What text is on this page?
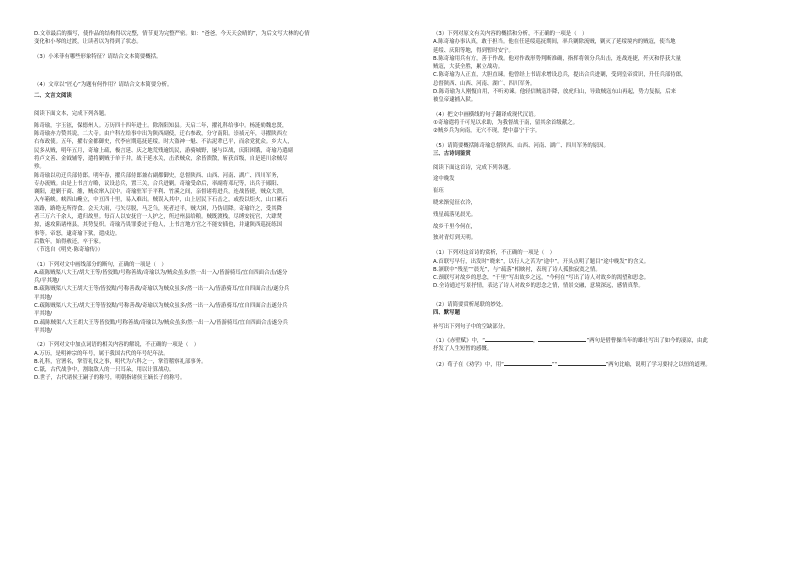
D.文章最后的描写，使作品的结构得以完整，情节更为完整严密。如：“爸爸，今天天会晴的”，为后文写大林的心情

变化和小琴的过渡，让读者以为得到了状态。

（3）小米菲有哪些形象特征？请结合文本简要概括。

（4）文章以“匠心”为题有何作用？请结合文本简要分析。

二、文言文阅读

阅读下面文本，完成下列各题。

陈奇瑜，字玉铉，保德州人。万历四十四年进士。除洛阳知县。天启二年，擢礼科给事中。杨涟劾魏忠贤，

陈奇瑜亦力赞其说，二大寺。由户科左给事中出为陕西副使，迁右参政，分守南阳。崇祯元年，寻擢陕西左

右布政使。五年，擢右金都御史，代李应期巡抚延绥。时大盗神一魁、不沾泥辈已平，而余党犹众。乡大人，

民多从贼，明年五月，奇瑜上疏，极言延、庆之地荒残逾饥民，游骑城野，屡与臣战，庆阳困饿，奇瑜乃遣副

将卢文善、金钺辅等，遣将剿贼于单于井，战于延水关，击杀贼众，余皆溃散，斩获首级，自是延川余贼尽

殄。

陈奇瑜以功迁兵部侍郎。明年春，擢兵部侍郎兼右副都御史，总督陕西、山西、河南、湖广、四川军务，

专办流贼。由是上书言方略，议设总兵，置三关，合兵进剿。奇瑜受命后，率副将邓玘等，出兵于郧阳、

襄阳，进剿于商、雒，贼众窜入汉中。奇瑜驻军于平利、竹溪之间，亲督诸将进兵，连战皆捷，贼众大溃，

入车箱峡。峡四山巉立，中亘四十里，易入难出。贼误入其中，山上居民下石击之，或投以炬火，山口累石

塞路，路绝无所得食。会天大雨，弓矢尽脱，马乏刍，死者过半，贼大困，乃伪请降。奇瑜许之，受其降

者三万六千余人，遣归故里。每百人以安抚官一人护之，所过州县给粮。贼既渡栈，尽缚安抚官，大肆焚

掠，遂攻陷诸州县，其势复炽。奇瑜乃畏罪委过于他人，上书言地方官之不能安插也，并逮陕西巡抚练国

事等。帝怒，逮奇瑜下狱，遣戍边。

后数年，始得赦还，卒于家。

（节选自《明史·陈奇瑜传》）

（1）下列对文中画线部分的断句，正确的一项是（　）

A.疏陈贼渠八大王/胡大王等/皆狡黠/号称善战/奇瑜以为/贼众虽多/然一出一入/皆游骑耳/宜自四面合击/遂分

兵/平其地/

B.疏陈贼渠八大王胡大王等/皆狡黠/号称善战/奇瑜以为贼众虽多/然一出一入/皆游骑耳/宜自四面合击/遂分兵

平其地/

C.疏陈贼渠八大王/胡大王等皆狡黠/号称善战/奇瑜以为贼众虽多/然一出一入/皆游骑耳/宜自四面合击遂分兵

平其地/

D.疏陈贼渠八大王胡大王等皆狡黠/号称善战/奇瑜以为/贼众虽多/然一出一入/皆游骑耳/宜自四面合击遂分兵

平其地/

（2）下列对文中加点词语的相关内容的解说，不正确的一项是（　）

A.万历，是明神宗的年号，属于我国古代的年号纪年法。

B.礼科，官署名，掌管礼仪之事，明代为六科之一，掌管稽察礼部事务。

C.舐，古代战争中，割取敌人的一只耳朵，用以计算战功。

D.世子，古代诸侯王嗣子的称号，明朝指诸侯王嫡长子的称号。

（3）下列对原文有关内容的概括和分析，不正确的一项是（　）

A.陈奇瑜办事认真，敢于担当。他在任延绥巡抚期间，率兵剿除流贼，剿灭了延绥境内的贼寇，使当地

延绥、庆阳等地，得到暂时安宁。

B.陈奇瑜用兵有方，善于作战。他对作战形势判断准确，指挥将领分兵出击，连战连捷，歼灭和俘获大量

贼寇，大获全胜，累立战功。

C.陈奇瑜为人正直，大胆直谏。他曾经上书请求增设总兵，提出合兵进剿，受到皇帝赏识，升任兵部侍郎，

总督陕西、山西、河南、湖广、四川军务。

D.陈奇瑜为人刚愎自用，不听劝谏。他轻信贼寇诈降，放虎归山，导致贼寇东山再起，势力复振，后来

被皇帝逮捕入狱。

（4）把文中画横线的句子翻译成现代汉语。

①奇瑜遣将千可见以求助，为我督战于南，留其余首级献之。

②贼乡兵为向南，无穴不现，楚中嘉宁于字。

（5）请简要概括陈奇瑜总督陕西、山西、河南、湖广、四川军务的原因。

三、古诗词鉴赏

阅读下面这首诗，完成下列各题。

途中晚发

崔珏

晓来渐觉征衣冷，

残星疏落见晨光。

故乡千里今何在，

独对青灯到天明。

（1）下列对这首诗的赏析，不正确的一项是（　）

A.首联写早行，出发时“晓来”，以行人之苦为“途中”。开头点明了题目“途中晚发”的含义。

B.颔联中“残星”“晨光”，与“疏落”相映衬，表现了诗人孤独寂寞之情。

C.颈联写对故乡的思念，“千里”写出故乡之远，“今何在”写出了诗人对故乡的渴望和思念。

D.全诗通过写景抒情，表达了诗人对故乡的思念之情，情景交融，意境深远，感情真挚。

（2）请简要赏析尾联的妙处。

四、默写题

补写出下列句子中的空缺部分。

（1）《赤壁赋》中，“	，	”两句是借曹操当年的雄壮写出了如今的凄凉，由此

抒发了人生短暂的感慨。

（2）荀子在《劝学》中，用“	”“	”两句比喻，说明了学习要持之以恒的道理。
